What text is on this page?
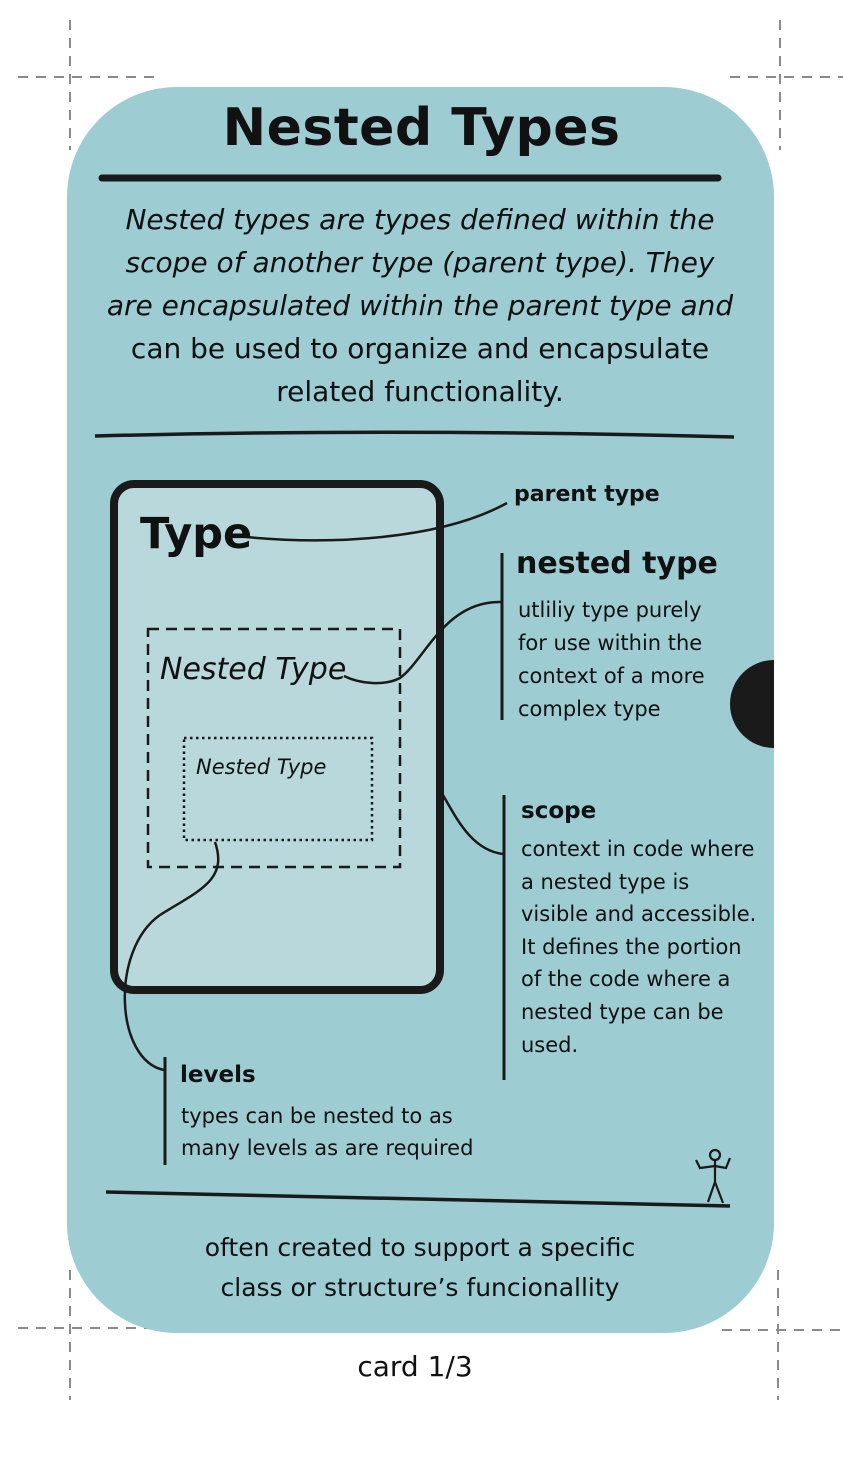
Nested Types
Nested types are types defined within the scope of another type (parent type). They are encapsulated within the parent type and can be used to organize and encapsulate related functionality.
Type
Nested Type
Nested Type
parent type
nested type
utliliy type purely for use within the context of a more complex type
scope
context in code where a nested type is visible and accessible. It defines the portion of the code where a nested type can be used.
levels
types can be nested to as many levels as are required
often created to support a specific
class or structure’s funcionallity
card 1/3
